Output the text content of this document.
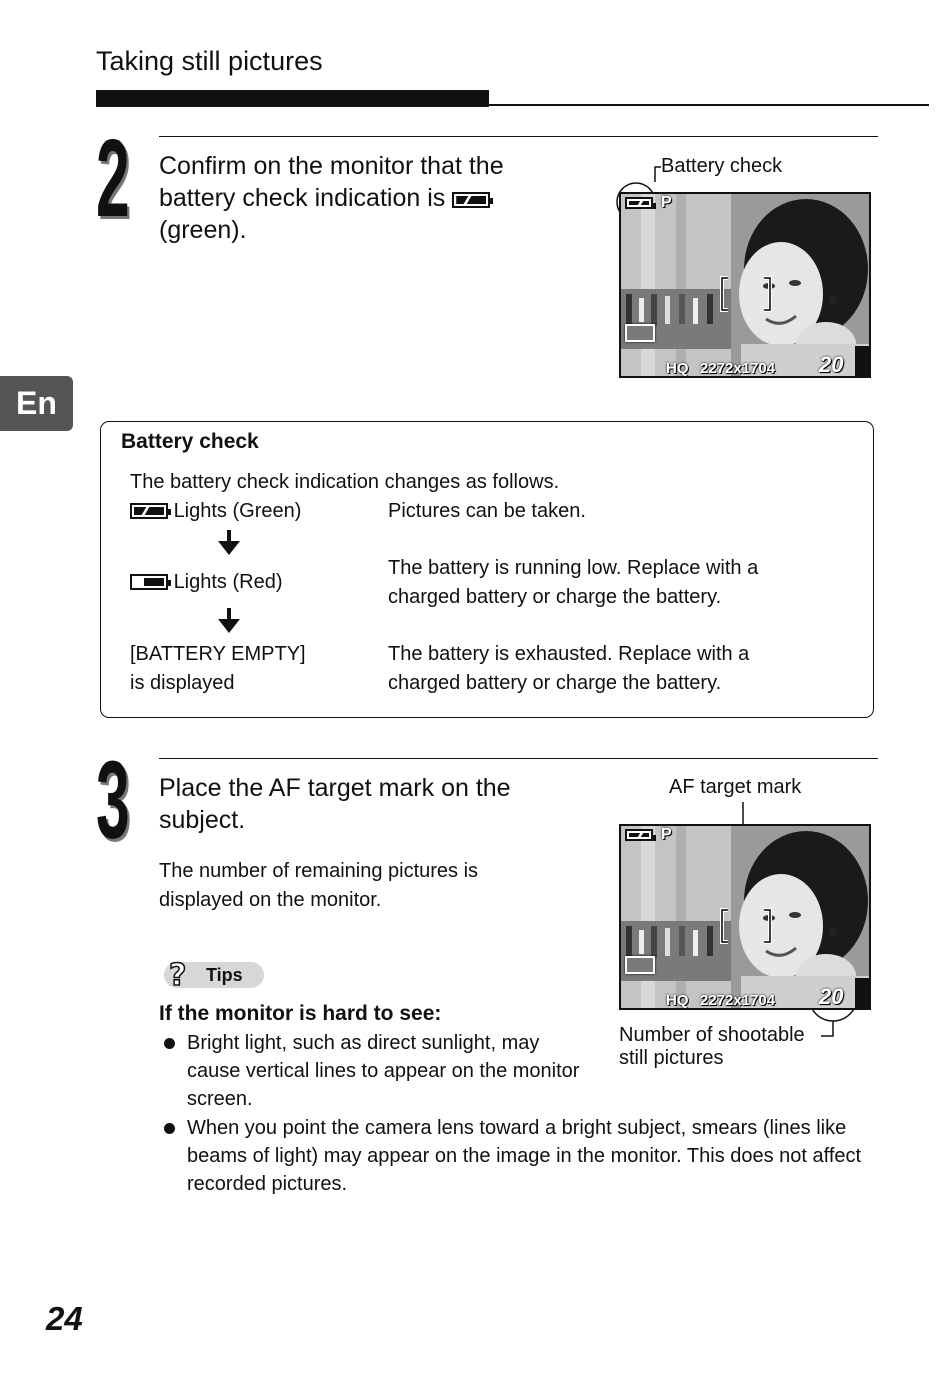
Taking still pictures
En
2 Confirm on the monitor that the
battery check indication is
(green).
Battery check
P
HQ 2272x1704 20
Battery check
The battery check indication changes as follows.
Lights (Green)	Pictures can be taken.
Lights (Red)
The battery is running low. Replace with a
charged battery or charge the battery.
[BATTERY EMPTY]
is displayed
The battery is exhausted. Replace with a
charged battery or charge the battery.
3 Place the AF target mark on the
subject.
The number of remaining pictures is
displayed on the monitor.
AF target mark
P
HQ 2272x1704 20
Number of shootable
still pictures
? Tips
If the monitor is hard to see:
Bright light, such as direct sunlight, may
cause vertical lines to appear on the monitor
screen.
When you point the camera lens toward a bright subject, smears (lines like
beams of light) may appear on the image in the monitor. This does not affect
recorded pictures.
24
